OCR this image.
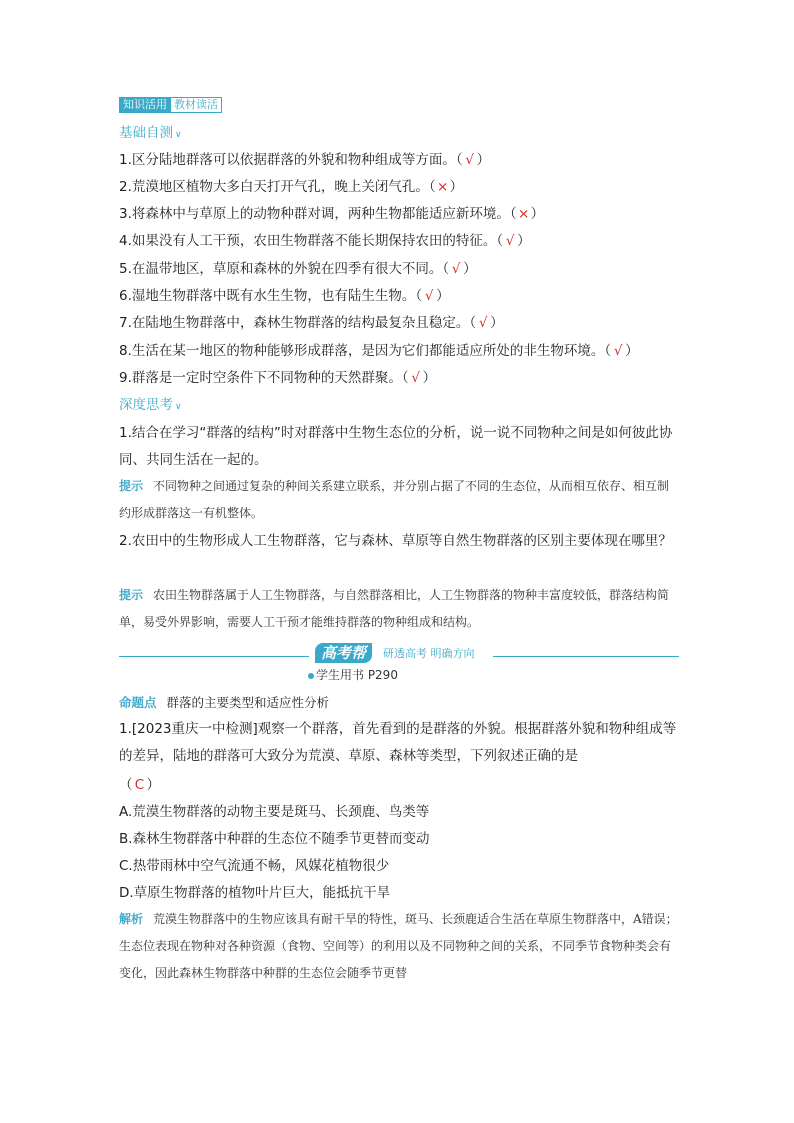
知识活用 教材读活
基础自测 ∨
1.区分陆地群落可以依据群落的外貌和物种组成等方面。（ √ ）
2.荒漠地区植物大多白天打开气孔，晚上关闭气孔。（×）
3.将森林中与草原上的动物种群对调，两种生物都能适应新环境。（×）
4.如果没有人工干预，农田生物群落不能长期保持农田的特征。（ √ ）
5.在温带地区，草原和森林的外貌在四季有很大不同。（ √ ）
6.湿地生物群落中既有水生生物，也有陆生生物。（ √ ）
7.在陆地生物群落中，森林生物群落的结构最复杂且稳定。（ √ ）
8.生活在某一地区的物种能够形成群落，是因为它们都能适应所处的非生物环境。（ √ ）
9.群落是一定时空条件下不同物种的天然群聚。（ √ ）
深度思考 ∨
1.结合在学习“群落的结构”时对群落中生物生态位的分析，说一说不同物种之间是如何彼此协同、共同生活在一起的。
提示 不同物种之间通过复杂的种间关系建立联系，并分别占据了不同的生态位，从而相互依存、相互制约形成群落这一有机整体。
2.农田中的生物形成人工生物群落，它与森林、草原等自然生物群落的区别主要体现在哪里？
提示 农田生物群落属于人工生物群落，与自然群落相比，人工生物群落的物种丰富度较低，群落结构简单，易受外界影响，需要人工干预才能维持群落的物种组成和结构。
高考帮	研透高考 明确方向
学生用书 P290
命题点 群落的主要类型和适应性分析
1.[2023重庆一中检测]观察一个群落，首先看到的是群落的外貌。根据群落外貌和物种组成等的差异，陆地的群落可大致分为荒漠、草原、森林等类型，下列叙述正确的是
（ C ）
A.荒漠生物群落的动物主要是斑马、长颈鹿、鸟类等
B.森林生物群落中种群的生态位不随季节更替而变动
C.热带雨林中空气流通不畅，风媒花植物很少
D.草原生物群落的植物叶片巨大，能抵抗干旱
解析 荒漠生物群落中的生物应该具有耐干旱的特性，斑马、长颈鹿适合生活在草原生物群落中，A错误；生态位表现在物种对各种资源（食物、空间等）的利用以及不同物种之间的关系，不同季节食物种类会有变化，因此森林生物群落中种群的生态位会随季节更替
